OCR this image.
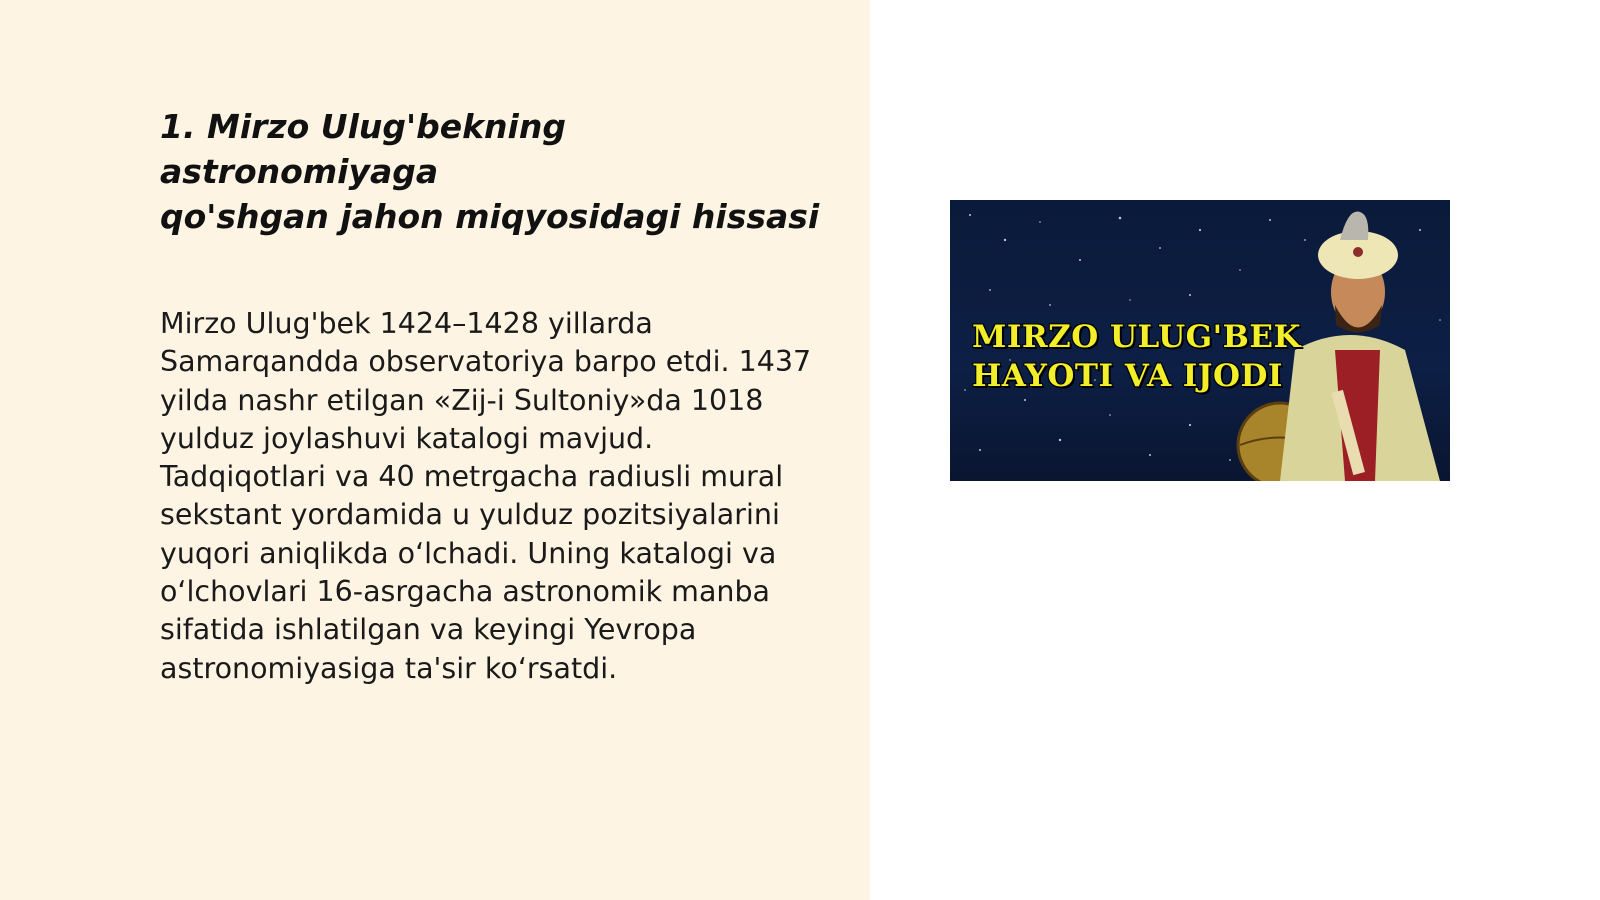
1. Mirzo Ulug'bekning astronomiyaga
qo'shgan jahon miqyosidagi hissasi

Mirzo Ulug'bek 1424–1428 yillarda
Samarqandda observatoriya barpo etdi. 1437
yilda nashr etilgan «Zij-i Sultoniy»da 1018
yulduz joylashuvi katalogi mavjud.
Tadqiqotlari va 40 metrgacha radiusli mural
sekstant yordamida u yulduz pozitsiyalarini
yuqori aniqlikda oʻlchadi. Uning katalogi va
oʻlchovlari 16-asrgacha astronomik manba
sifatida ishlatilgan va keyingi Yevropa
astronomiyasiga ta'sir koʻrsatdi.

MIRZO ULUG'BEK
HAYOTI VA IJODI
